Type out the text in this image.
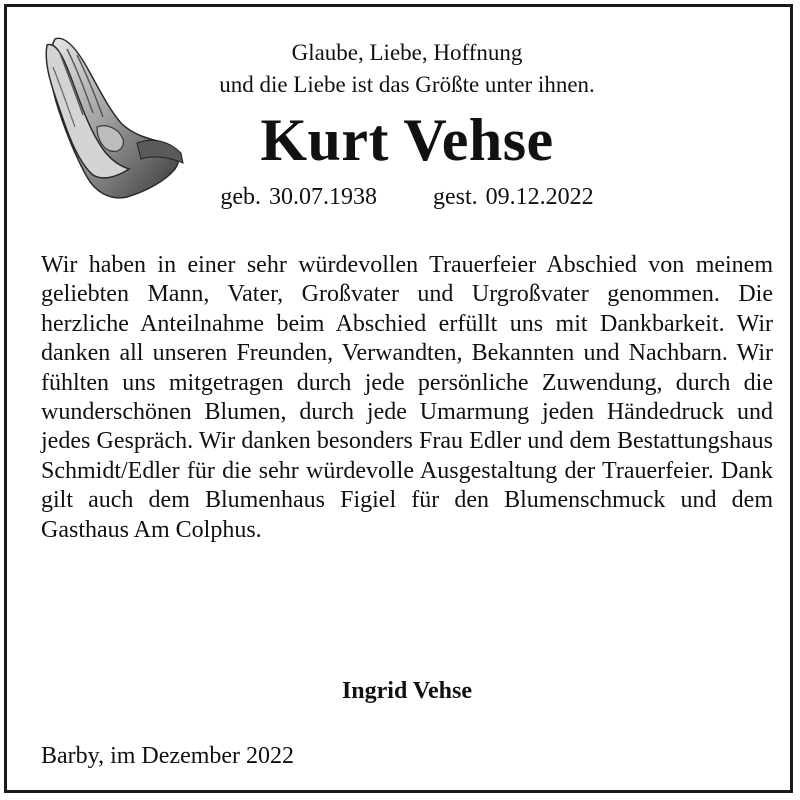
Glaube, Liebe, Hoffnung
und die Liebe ist das Größte unter ihnen.
Kurt Vehse
geb. 30.07.1938 gest. 09.12.2022
Wir haben in einer sehr würdevollen Trauerfeier Abschied von meinem geliebten Mann, Vater, Großvater und Urgroßvater genommen. Die herzliche Anteilnahme beim Abschied erfüllt uns mit Dankbarkeit. Wir danken all unseren Freunden, Verwandten, Bekannten und Nachbarn. Wir fühlten uns mitgetragen durch jede persönliche Zuwendung, durch die wunderschönen Blumen, durch jede Umarmung jeden Händedruck und jedes Gespräch. Wir danken besonders Frau Edler und dem Bestattungshaus Schmidt/Edler für die sehr würdevolle Ausgestaltung der Trauerfeier. Dank gilt auch dem Blumenhaus Figiel für den Blumenschmuck und dem Gasthaus Am Colphus.
Ingrid Vehse
Barby, im Dezember 2022
